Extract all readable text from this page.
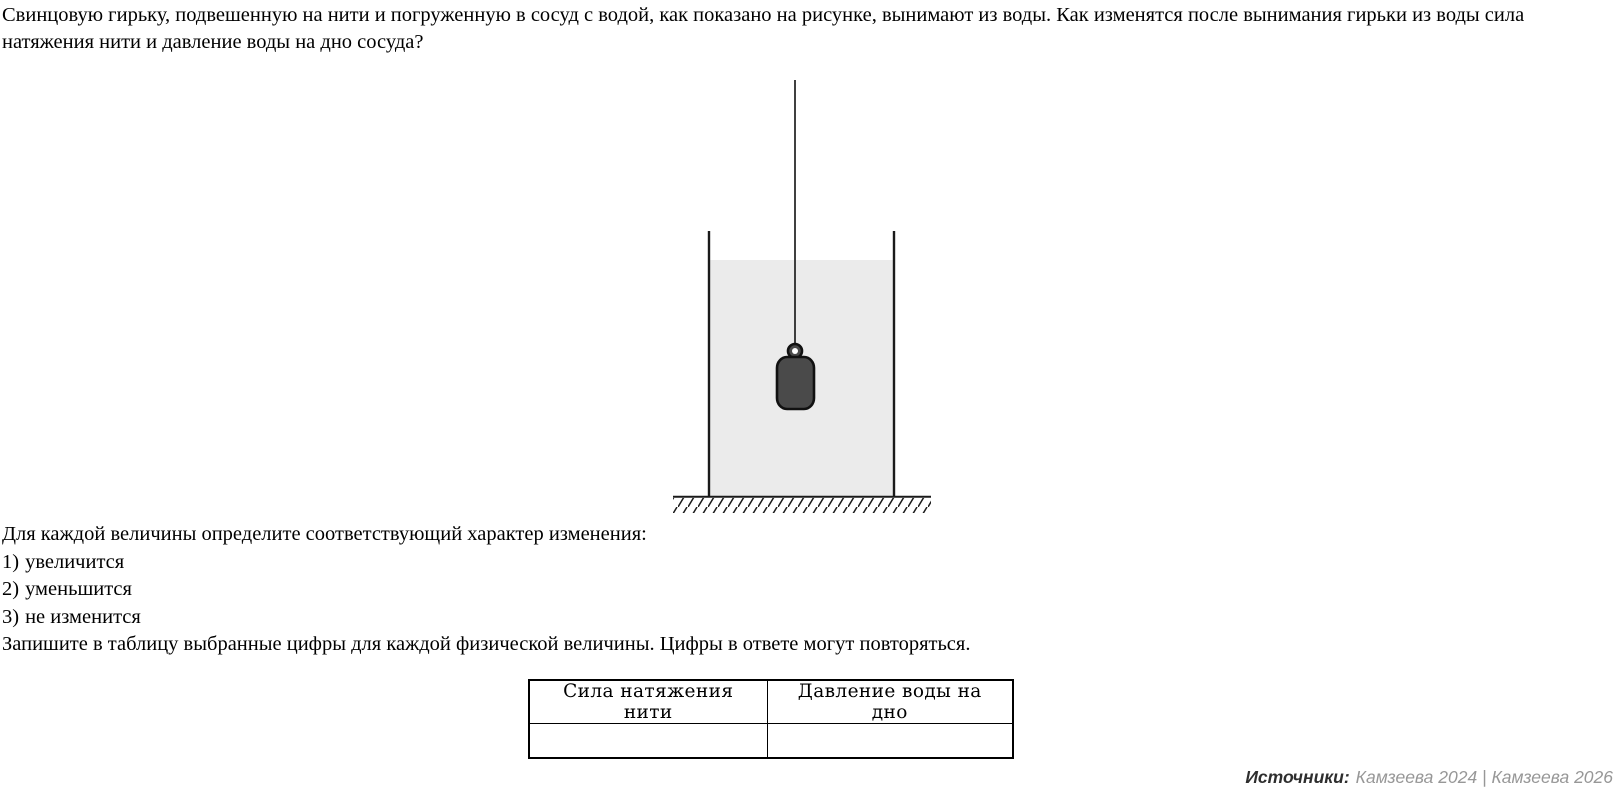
Свинцовую гирьку, подвешенную на нити и погруженную в сосуд с водой, как показано на рисунке, вынимают из воды. Как изменятся после вынимания гирьки из воды сила натяжения нити и давление воды на дно сосуда?

Для каждой величины определите соответствующий характер изменения:
1) увеличится
2) уменьшится
3) не изменится
Запишите в таблицу выбранные цифры для каждой физической величины. Цифры в ответе могут повторяться.
Сила натяжения нити	Давление воды на дно

Источники: Камзеева 2024 | Камзеева 2026
